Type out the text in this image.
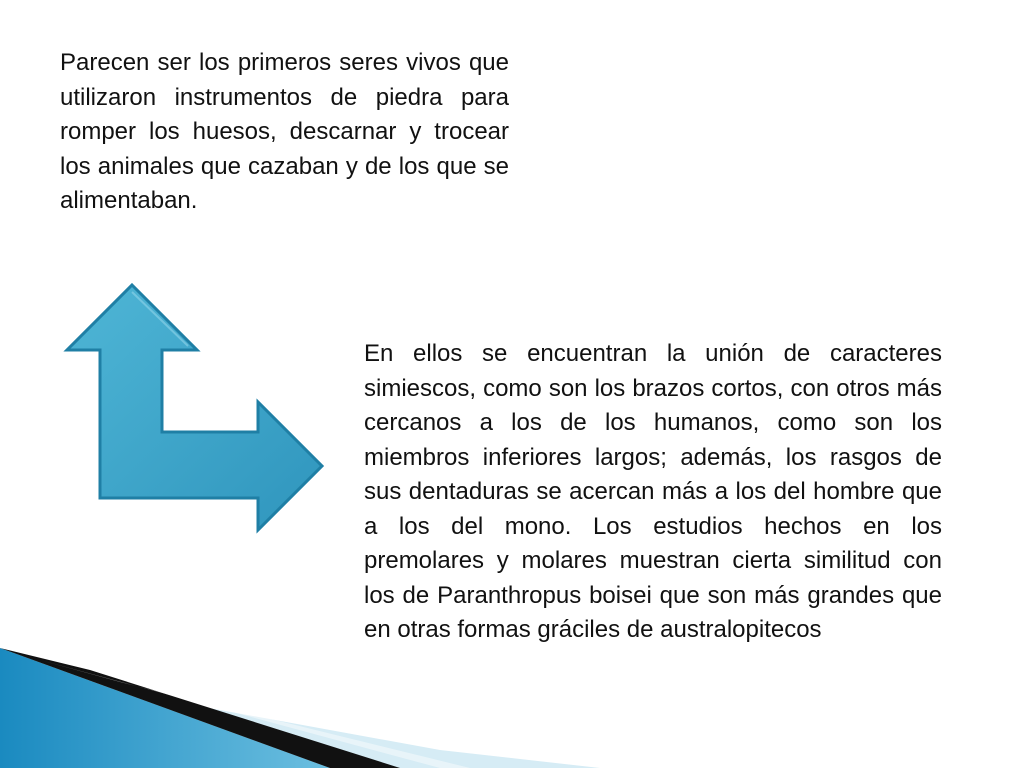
Parecen ser los primeros seres vivos que utilizaron instrumentos de piedra para romper los huesos, descarnar y trocear los animales que cazaban y de los que se alimentaban.

En ellos se encuentran la unión de caracteres simiescos, como son los brazos cortos, con otros más cercanos a los de los humanos, como son los miembros inferiores largos; además, los rasgos de sus dentaduras se acercan más a los del hombre que a los del mono. Los estudios hechos en los premolares y molares muestran cierta similitud con los de Paranthropus boisei que son más grandes que en otras formas gráciles de australopitecos
